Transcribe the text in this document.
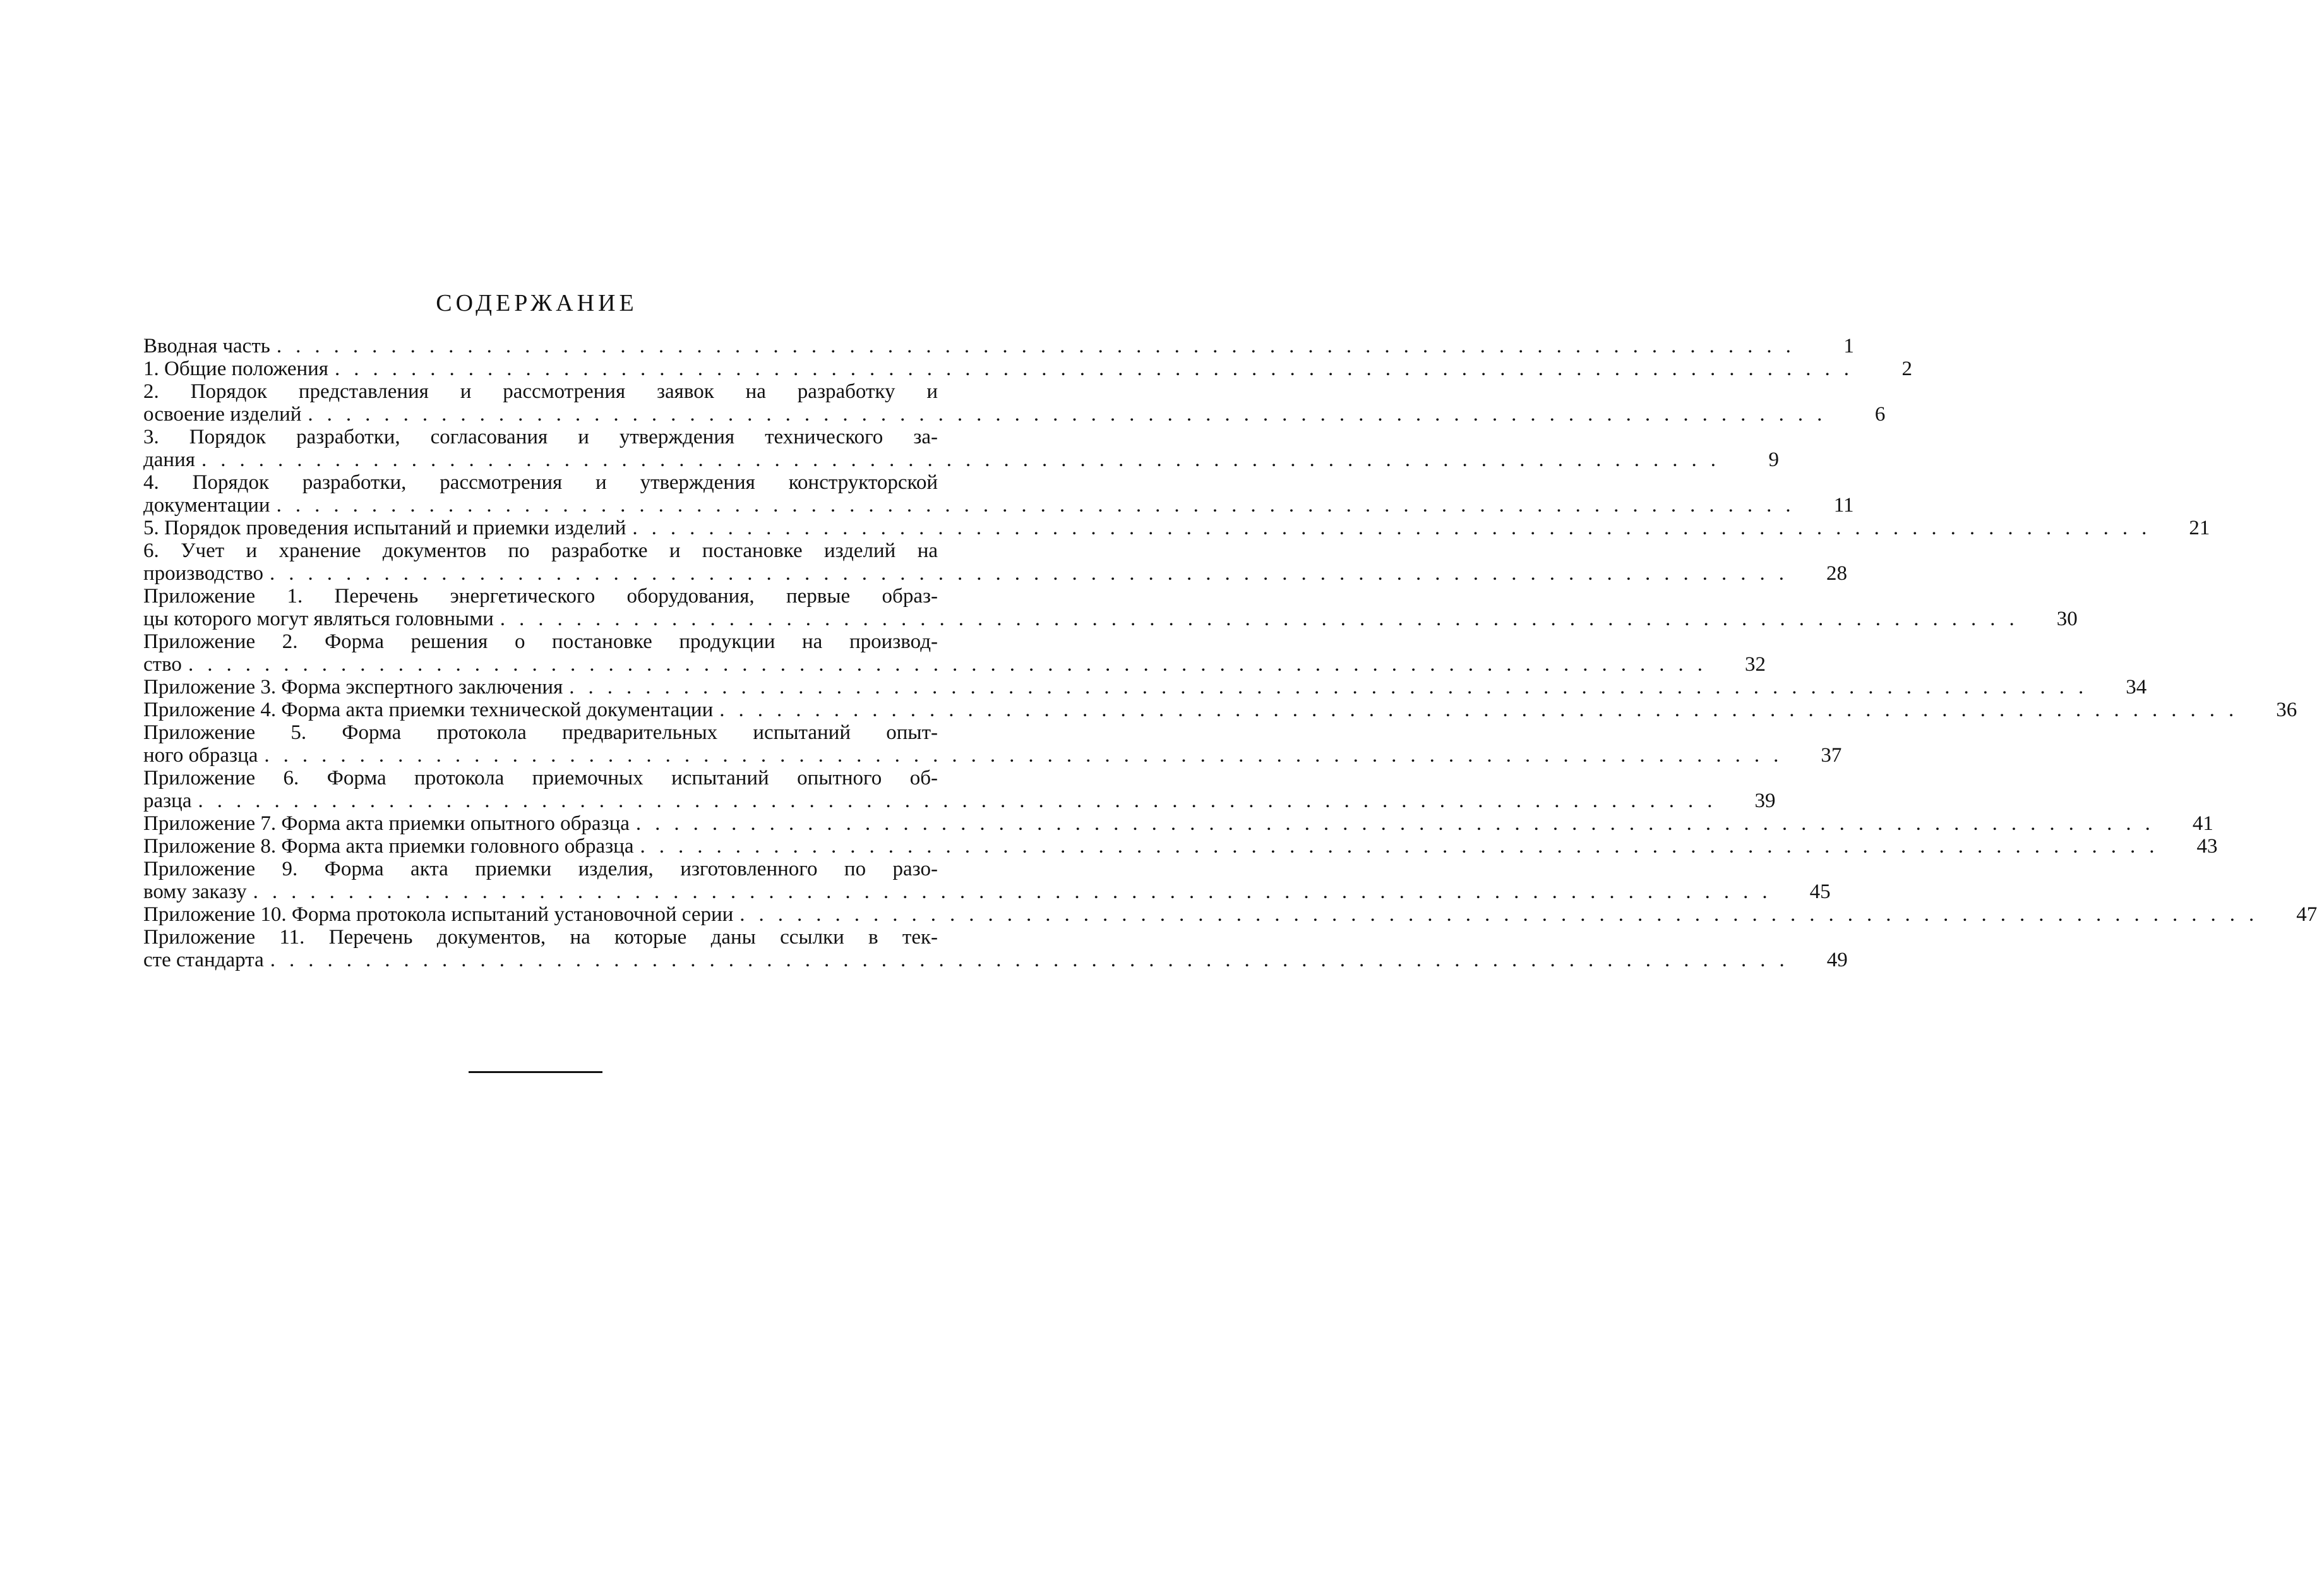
СОДЕРЖАНИЕ
Вводная часть ................................................................................	1
1. Общие положения ................................................................................	2
2. Порядок представления и рассмотрения заявок на разработку и
освоение изделий ................................................................................	6
3. Порядок разработки, согласования и утверждения технического за-
дания ................................................................................	9
4. Порядок разработки, рассмотрения и утверждения конструкторской
документации ................................................................................	11
5. Порядок проведения испытаний и приемки изделий ................................................................................	21
6. Учет и хранение документов по разработке и постановке изделий на
производство ................................................................................	28
Приложение 1. Перечень энергетического оборудования, первые образ-
цы которого могут являться головными ................................................................................	30
Приложение 2. Форма решения о постановке продукции на производ-
ство ................................................................................	32
Приложение 3. Форма экспертного заключения ................................................................................	34
Приложение 4. Форма акта приемки технической документации ................................................................................	36
Приложение 5. Форма протокола предварительных испытаний опыт-
ного образца ................................................................................	37
Приложение 6. Форма протокола приемочных испытаний опытного об-
разца ................................................................................	39
Приложение 7. Форма акта приемки опытного образца ................................................................................	41
Приложение 8. Форма акта приемки головного образца ................................................................................	43
Приложение 9. Форма акта приемки изделия, изготовленного по разо-
вому заказу ................................................................................	45
Приложение 10. Форма протокола испытаний установочной серии ................................................................................	47
Приложение 11. Перечень документов, на которые даны ссылки в тек-
сте стандарта ................................................................................	49
